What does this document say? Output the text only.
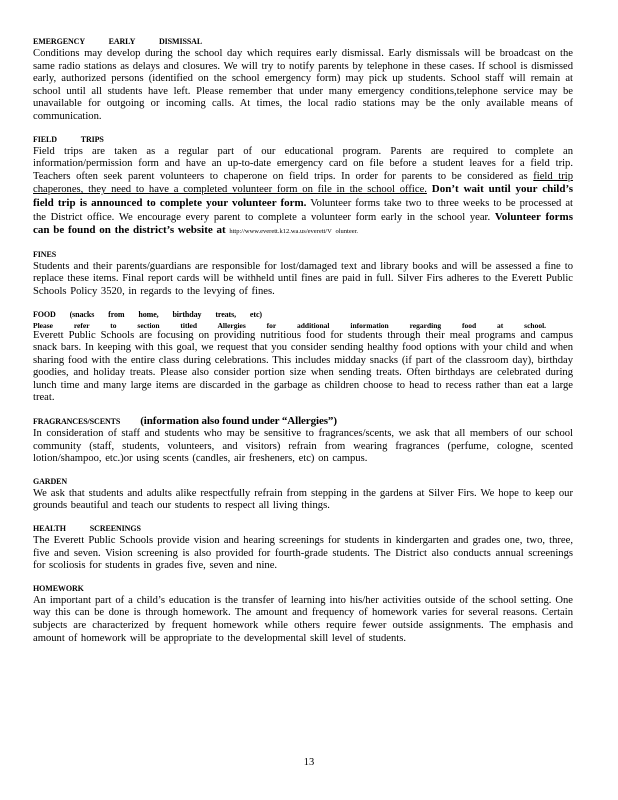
EMERGENCY EARLY DISMISSAL
Conditions may develop during the school day which requires early dismissal. Early dismissals will be broadcast on the same radio stations as delays and closures. We will try to notify parents by telephone in these cases. If school is dismissed early, authorized persons (identified on the school emergency form) may pick up students. School staff will remain at school until all students have left. Please remember that under many emergency conditions,telephone service may be unavailable for outgoing or incoming calls. At times, the local radio stations may be the only available means of communication.
FIELD TRIPS
Field trips are taken as a regular part of our educational program. Parents are required to complete an information/permission form and have an up-to-date emergency card on file before a student leaves for a field trip. Teachers often seek parent volunteers to chaperone on field trips. In order for parents to be considered as field trip chaperones, they need to have a completed volunteer form on file in the school office. Don’t wait until your child’s field trip is announced to complete your volunteer form. Volunteer forms take two to three weeks to be processed at the District office. We encourage every parent to complete a volunteer form early in the school year. Volunteer forms can be found on the district’s website at http://www.everett.k12.wa.us/everett/V olunteer.
FINES
Students and their parents/guardians are responsible for lost/damaged text and library books and will be assessed a fine to replace these items. Final report cards will be withheld until fines are paid in full. Silver Firs adheres to the Everett Public Schools Policy 3520, in regards to the levying of fines.
FOOD (snacks from home, birthday treats, etc)
Please refer to section titled Allergies for additional information regarding food at school.
Everett Public Schools are focusing on providing nutritious food for students through their meal programs and campus snack bars. In keeping with this goal, we request that you consider sending healthy food options with your child and when sharing food with the entire class during celebrations. This includes midday snacks (if part of the classroom day), birthday goodies, and holiday treats. Please also consider portion size when sending treats. Often birthdays are celebrated during lunch time and many large items are discarded in the garbage as children choose to head to recess rather than eat a large treat.
FRAGRANCES/SCENTS (information also found under “Allergies”)
In consideration of staff and students who may be sensitive to fragrances/scents, we ask that all members of our school community (staff, students, volunteers, and visitors) refrain from wearing fragrances (perfume, cologne, scented lotion/shampoo, etc.)or using scents (candles, air fresheners, etc) on campus.
GARDEN
We ask that students and adults alike respectfully refrain from stepping in the gardens at Silver Firs. We hope to keep our grounds beautiful and teach our students to respect all living things.
HEALTH SCREENINGS
The Everett Public Schools provide vision and hearing screenings for students in kindergarten and grades one, two, three, five and seven. Vision screening is also provided for fourth-grade students. The District also conducts annual screenings for scoliosis for students in grades five, seven and nine.
HOMEWORK
An important part of a child’s education is the transfer of learning into his/her activities outside of the school setting. One way this can be done is through homework. The amount and frequency of homework varies for several reasons. Certain subjects are characterized by frequent homework while others require fewer outside assignments. The emphasis and amount of homework will be appropriate to the developmental skill level of students.
13
